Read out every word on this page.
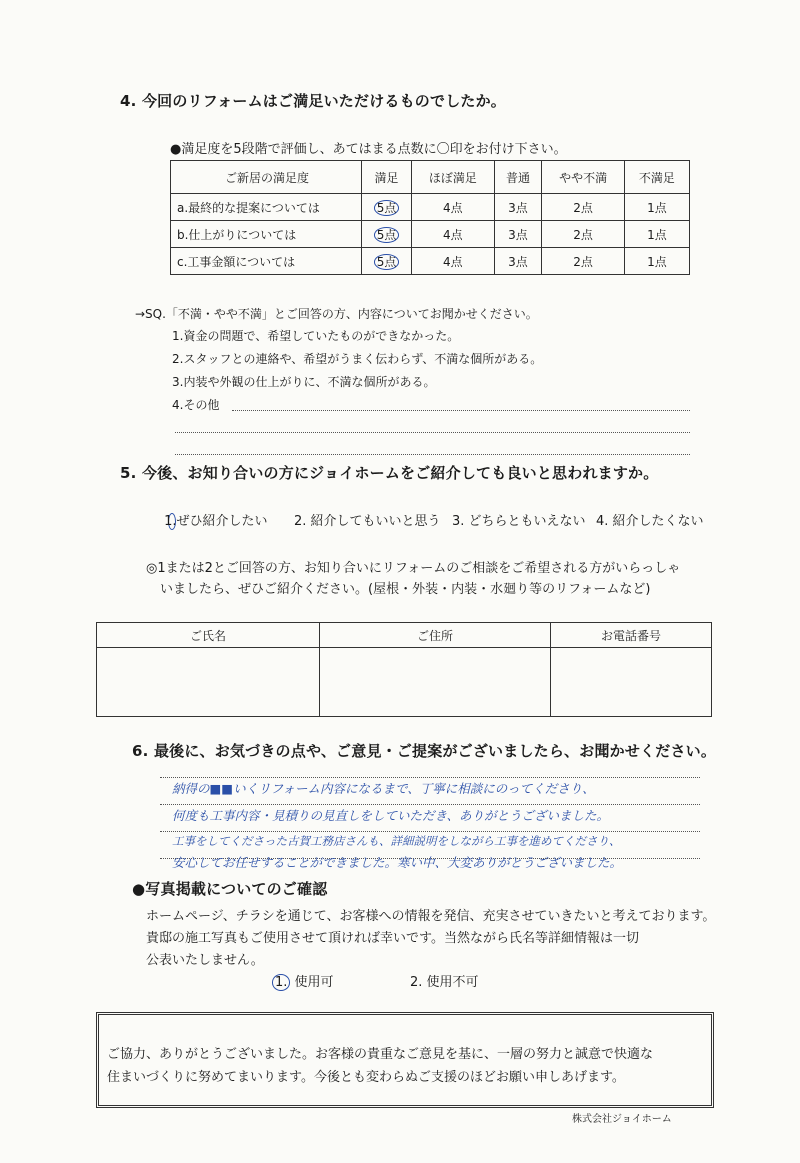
4. 今回のリフォームはご満足いただけるものでしたか。
●満足度を5段階で評価し、あてはまる点数に〇印をお付け下さい。
ご新居の満足度	満足	ほぼ満足	普通	やや不満	不満足
a.最終的な提案については	5点	4点	3点	2点	1点
b.仕上がりについては	5点	4点	3点	2点	1点
c.工事金額については	5点	4点	3点	2点	1点
→SQ.「不満・やや不満」とご回答の方、内容についてお聞かせください。
1.資金の問題で、希望していたものができなかった。
2.スタッフとの連絡や、希望がうまく伝わらず、不満な個所がある。
3.内装や外観の仕上がりに、不満な個所がある。
4.その他
5. 今後、お知り合いの方にジョイホームをご紹介しても良いと思われますか。
1.ぜひ紹介したい 2. 紹介してもいいと思う 3. どちらともいえない 4. 紹介したくない
◎1または2とご回答の方、お知り合いにリフォームのご相談をご希望される方がいらっしゃ
いましたら、ぜひご紹介ください。(屋根・外装・内装・水廻り等のリフォームなど)
ご氏名	ご住所	お電話番号

6. 最後に、お気づきの点や、ご意見・ご提案がございましたら、お聞かせください。
納得の■■いくリフォーム内容になるまで、丁寧に相談にのってくださり、
何度も工事内容・見積りの見直しをしていただき、ありがとうございました。
工事をしてくださった古賀工務店さんも、詳細説明をしながら工事を進めてくださり、
安心してお任せすることができました。寒い中、大変ありがとうございました。
●写真掲載についてのご確認
ホームページ、チラシを通じて、お客様への情報を発信、充実させていきたいと考えております。
貴邸の施工写真もご使用させて頂ければ幸いです。当然ながら氏名等詳細情報は一切
公表いたしません。
1. 使用可	2. 使用不可
ご協力、ありがとうございました。お客様の貴重なご意見を基に、一層の努力と誠意で快適な
住まいづくりに努めてまいります。今後とも変わらぬご支援のほどお願い申しあげます。
株式会社ジョイホーム
